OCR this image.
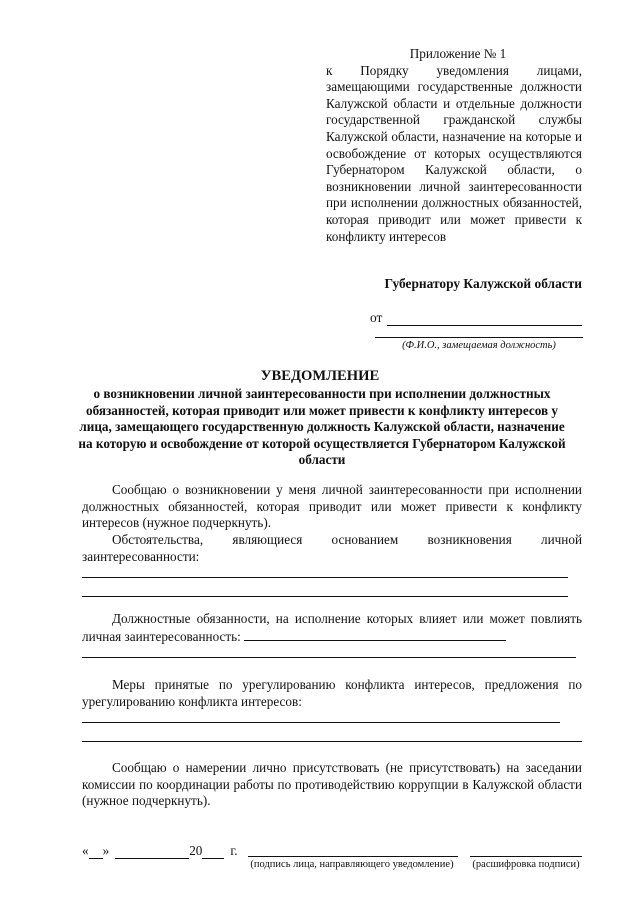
Приложение № 1
к Порядку уведомления лицами, замещающими государственные должности Калужской области и отдельные должности государственной гражданской службы Калужской области, назначение на которые и освобождение от которых осуществляются Губернатором Калужской области, о возникновении личной заинтересованности при исполнении должностных обязанностей, которая приводит или может привести к конфликту интересов
Губернатору Калужской области
от
(Ф.И.О., замещаемая должность)
УВЕДОМЛЕНИЕ
о возникновении личной заинтересованности при исполнении должностных обязанностей, которая приводит или может привести к конфликту интересов у лица, замещающего государственную должность Калужской области, назначение на которую и освобождение от которой осуществляется Губернатором Калужской области
Сообщаю о возникновении у меня личной заинтересованности при исполнении должностных обязанностей, которая приводит или может привести к конфликту интересов (нужное подчеркнуть).
Обстоятельства, являющиеся основанием возникновения личной
заинтересованности:
Должностные обязанности, на исполнение которых влияет или может повлиять личная заинтересованность:
Меры принятые по урегулированию конфликта интересов, предложения по урегулированию конфликта интересов:
Сообщаю о намерении лично присутствовать (не присутствовать) на заседании комиссии по координации работы по противодействию коррупции в Калужской области (нужное подчеркнуть).
« »	20 г.
(подпись лица, направляющего уведомление)	(расшифровка подписи)
